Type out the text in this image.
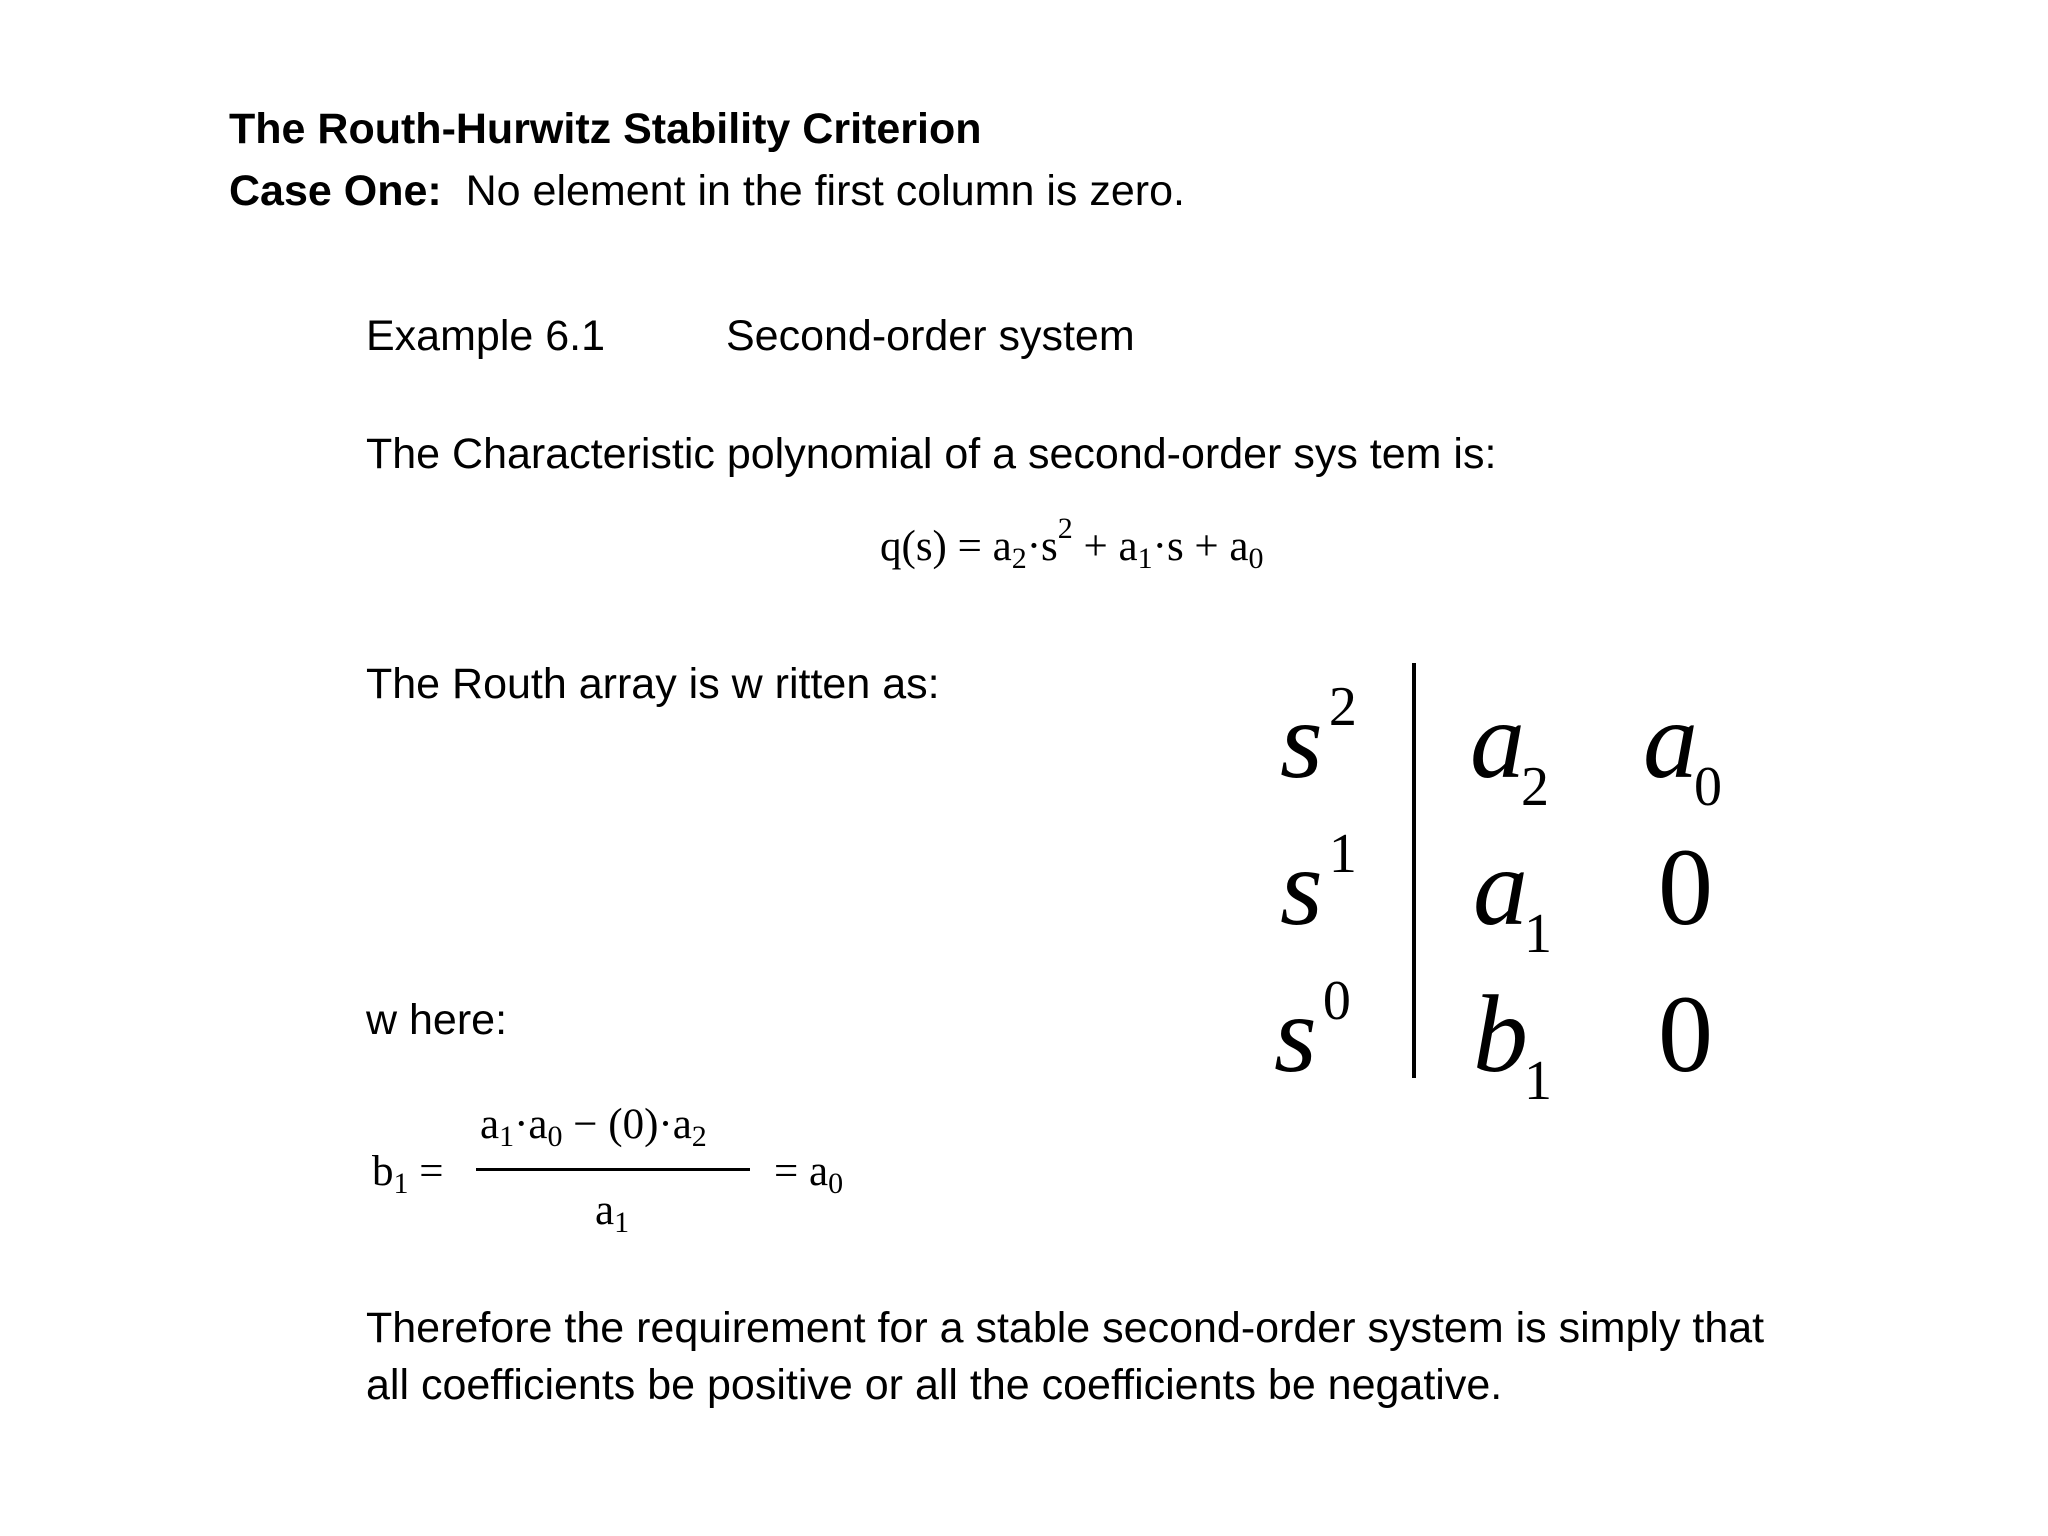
The Routh-Hurwitz Stability Criterion
Case One: No element in the first column is zero.
Example 6.1	Second-order system
The Characteristic polynomial of a second-order sys tem is:
$q(s) = a_2\cdot s^2 + a_1\cdot s + a_0$
The Routh array is w ritten as:	s $^2$ $a_2$ $a_0$
s $^1$ $a_1$ 0
s $^0$ $b_1$ 0
w here:
$b_1$ =
$a_1\cdot a_0 - (0)\cdot a_2$
$a_1$
= $a_0$
Therefore the requirement for a stable second-order system is simply that all coefficients be positive or all the coefficients be negative.
